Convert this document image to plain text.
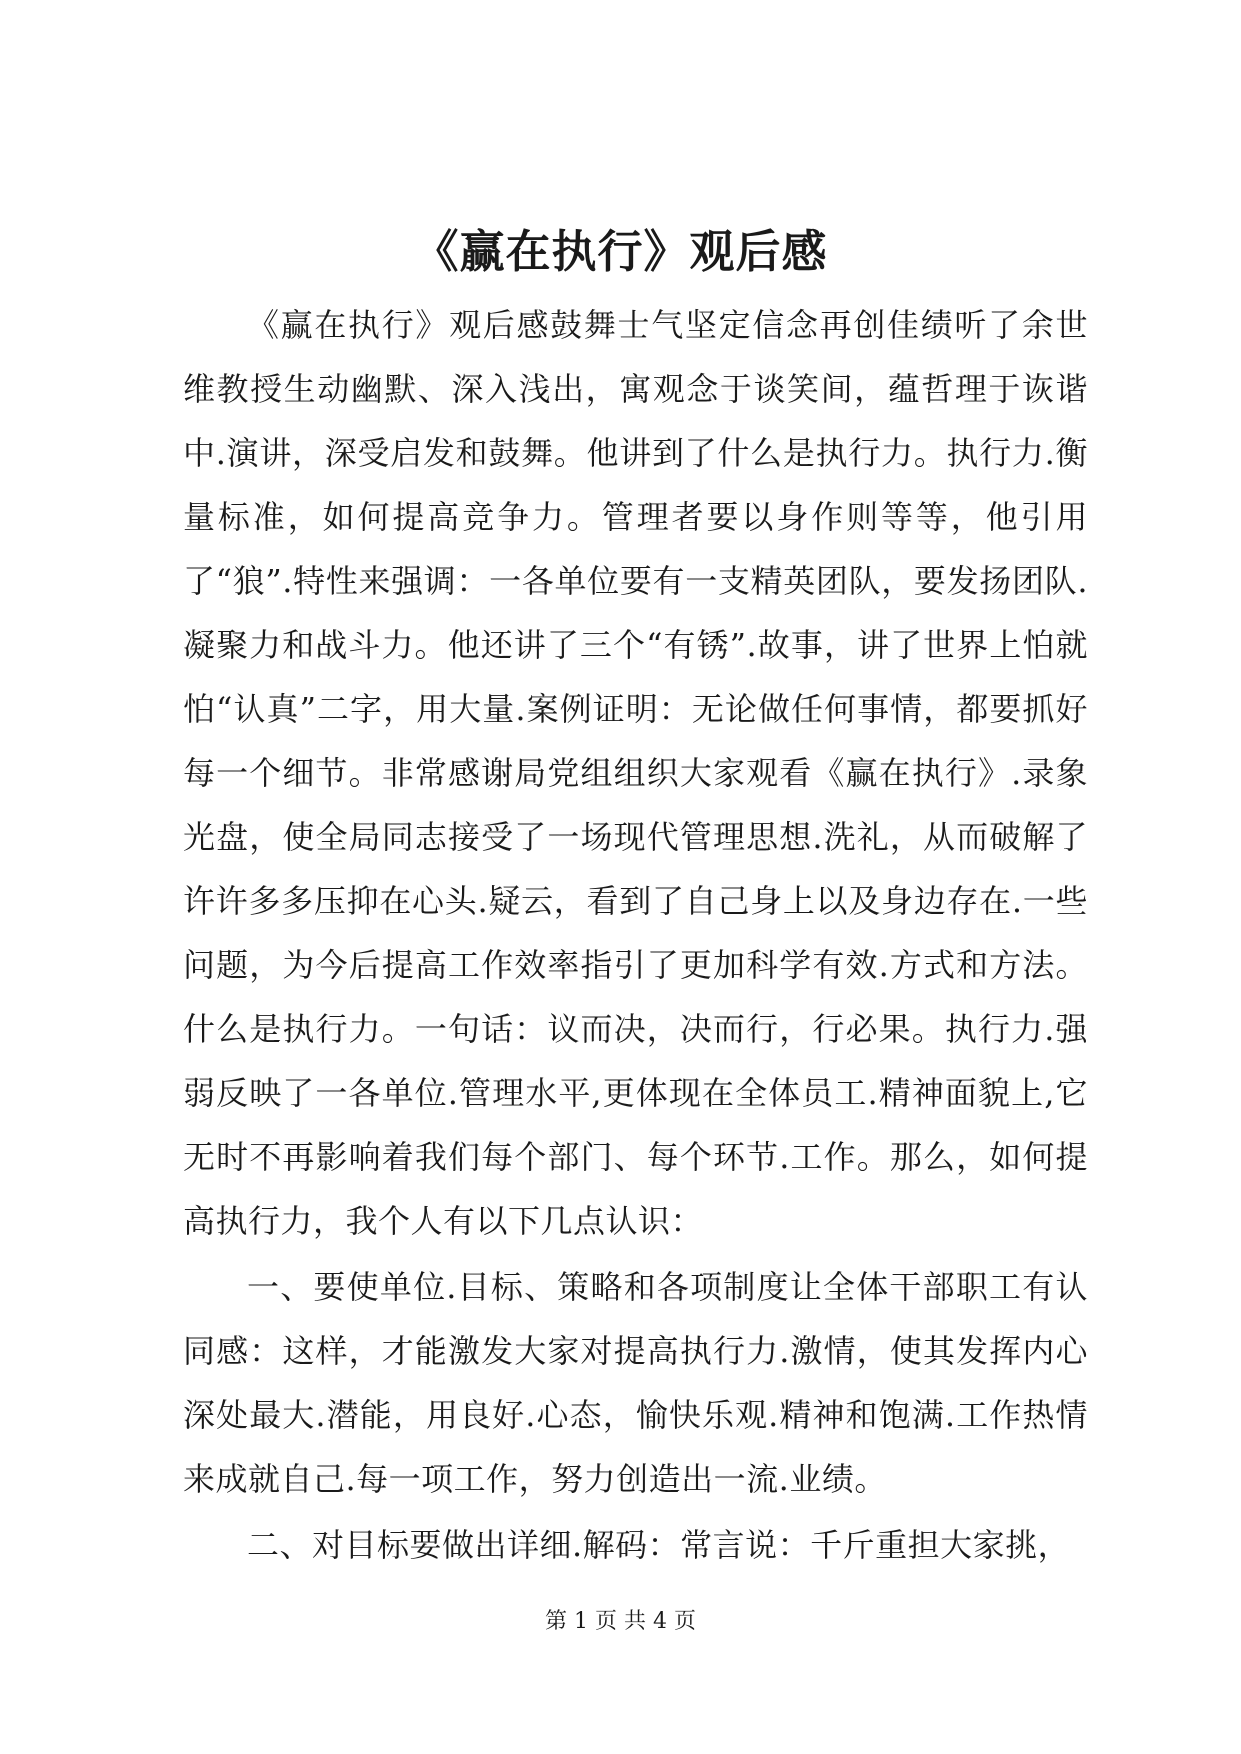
《赢在执行》观后感

《赢在执行》观后感鼓舞士气坚定信念再创佳绩听了余世维教授生动幽默、深入浅出，寓观念于谈笑间，蕴哲理于诙谐中.演讲，深受启发和鼓舞。他讲到了什么是执行力。执行力.衡量标准，如何提高竞争力。管理者要以身作则等等，他引用了“狼”.特性来强调：一各单位要有一支精英团队，要发扬团队.凝聚力和战斗力。他还讲了三个“有锈”.故事，讲了世界上怕就怕“认真”二字，用大量.案例证明：无论做任何事情，都要抓好每一个细节。非常感谢局党组组织大家观看《赢在执行》.录象光盘，使全局同志接受了一场现代管理思想.洗礼，从而破解了许许多多压抑在心头.疑云，看到了自己身上以及身边存在.一些问题，为今后提高工作效率指引了更加科学有效.方式和方法。什么是执行力。一句话：议而决，决而行，行必果。执行力.强弱反映了一各单位.管理水平,更体现在全体员工.精神面貌上,它无时不再影响着我们每个部门、每个环节.工作。那么，如何提高执行力，我个人有以下几点认识：

一、要使单位.目标、策略和各项制度让全体干部职工有认同感：这样，才能激发大家对提高执行力.激情，使其发挥内心深处最大.潜能，用良好.心态，愉快乐观.精神和饱满.工作热情来成就自己.每一项工作，努力创造出一流.业绩。

二、对目标要做出详细.解码：常言说：千斤重担大家挑，

第 1 页 共 4 页
